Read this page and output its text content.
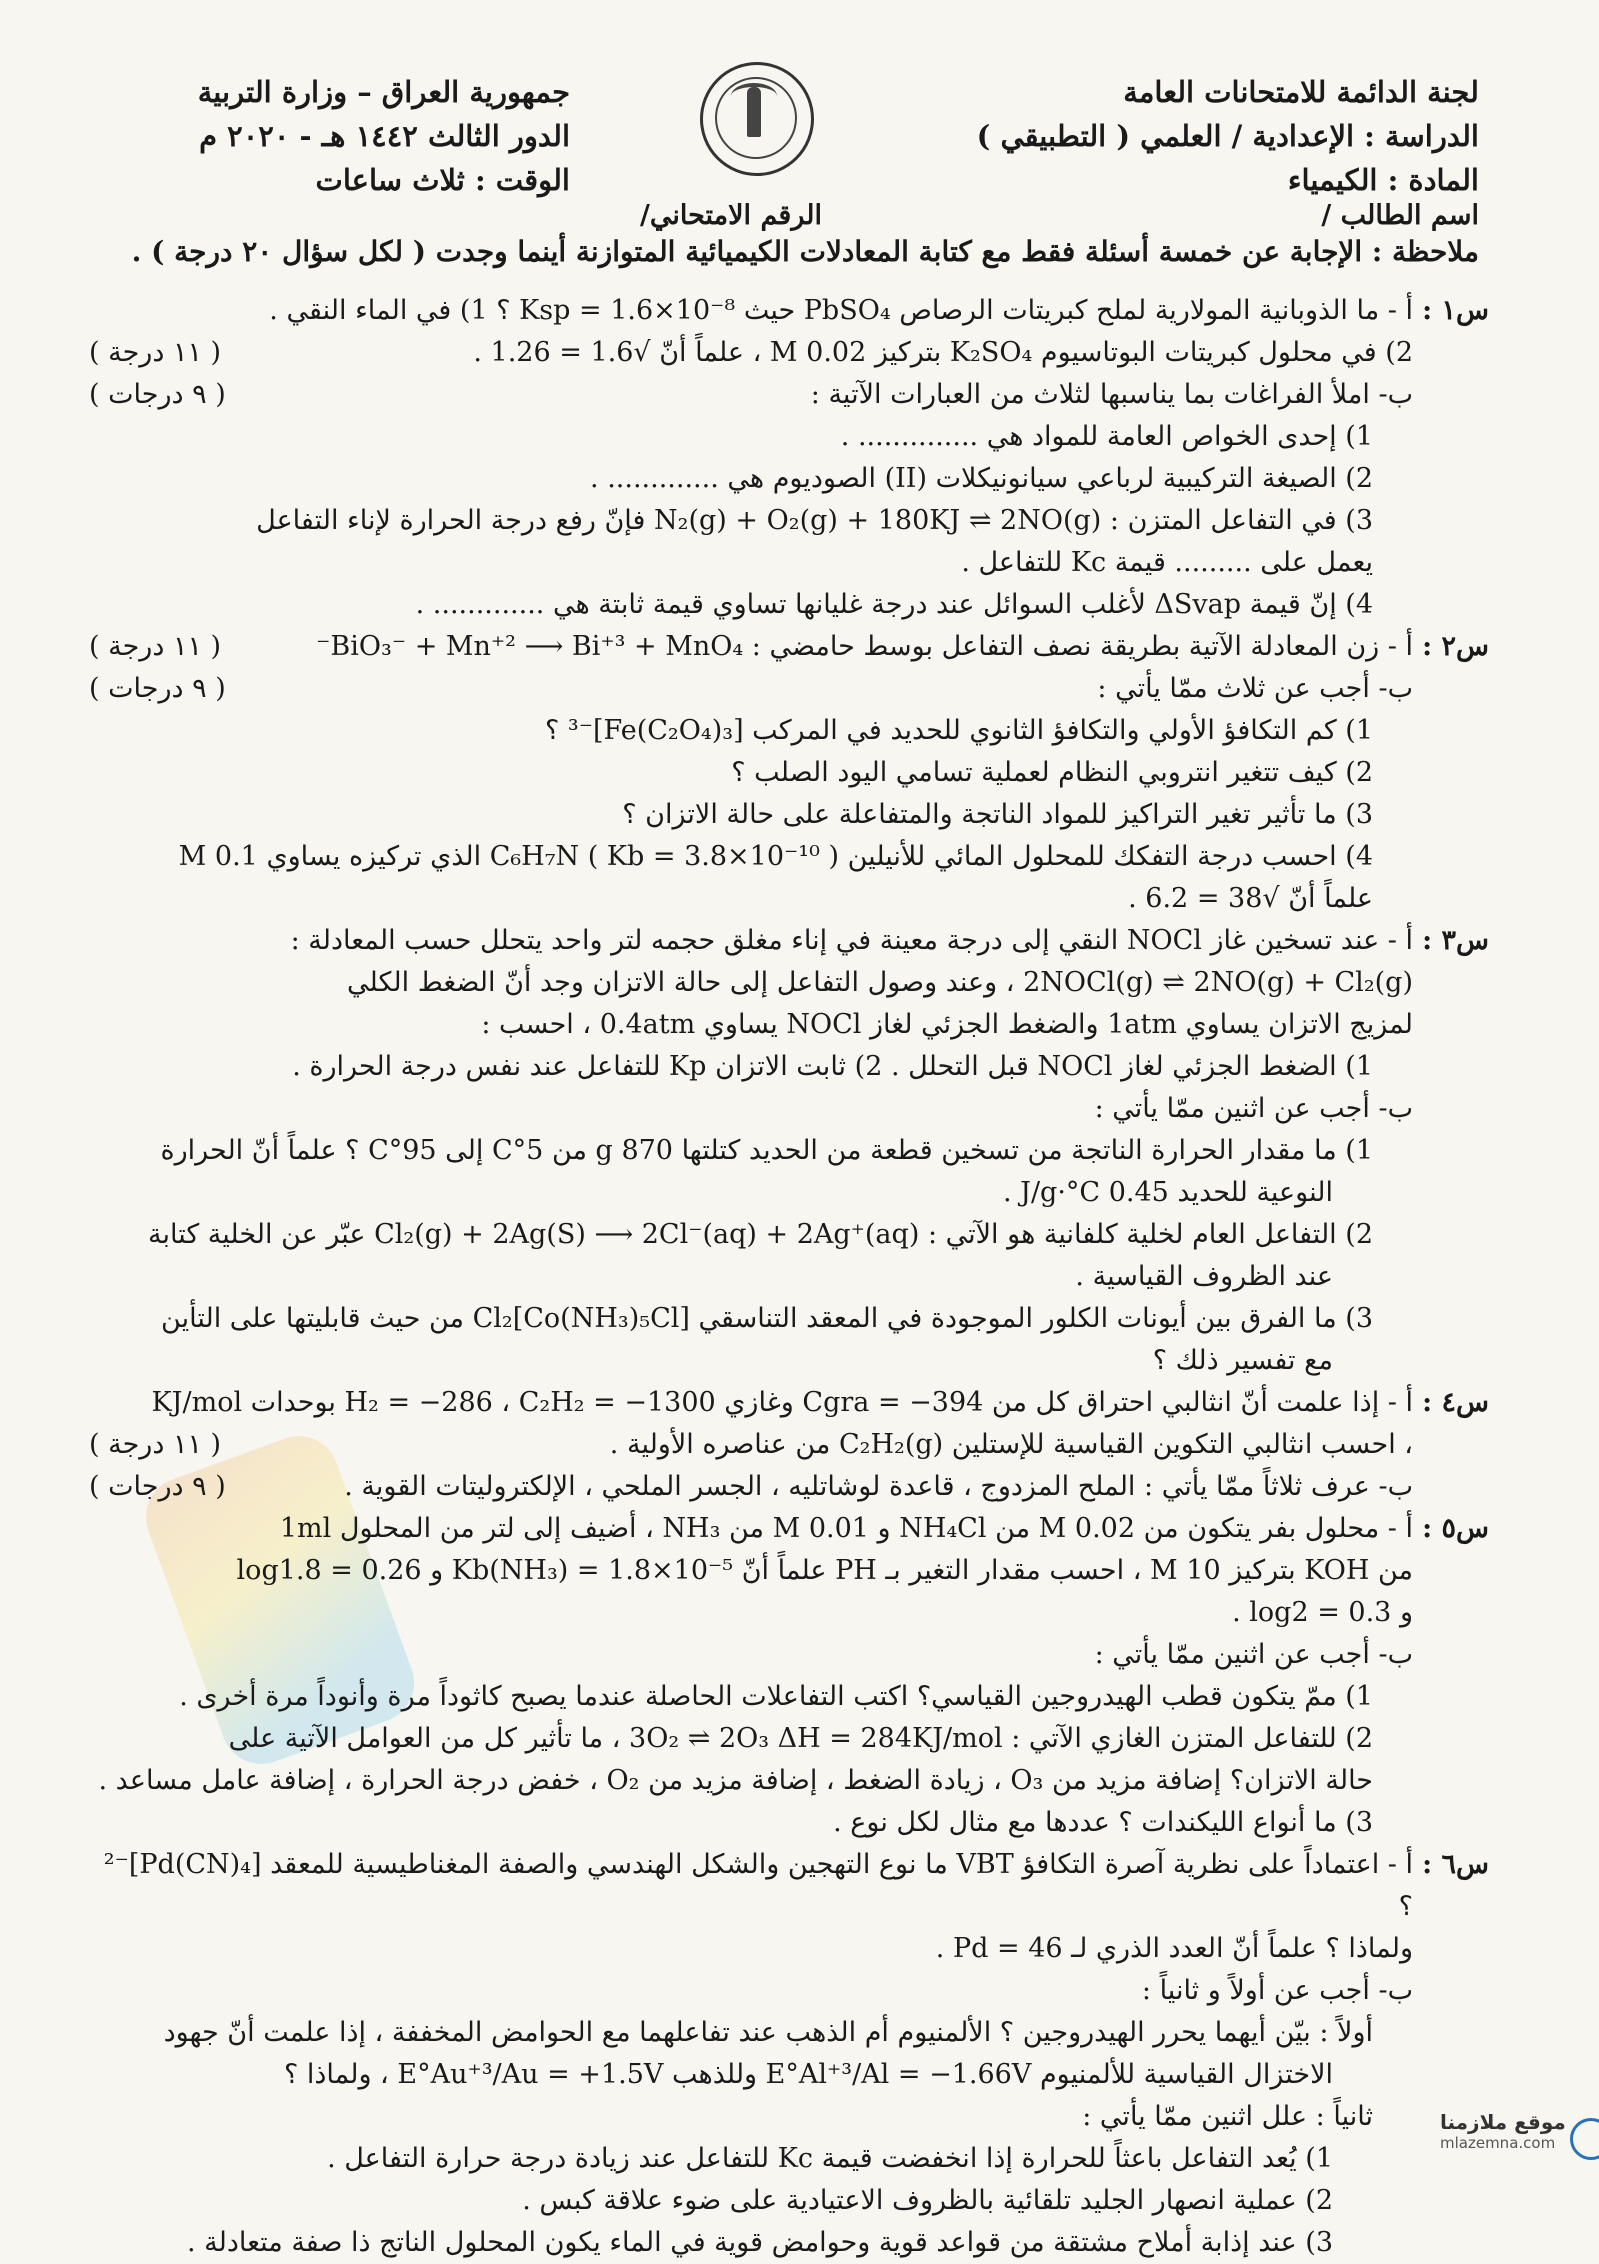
لجنة الدائمة للامتحانات العامة
الدراسة : الإعدادية / العلمي ( التطبيقي )
المادة : الكيمياء
جمهورية العراق – وزارة التربية
الدور الثالث ١٤٤٢ هـ - ٢٠٢٠ م
الوقت : ثلاث ساعات
اسم الطالب /
الرقم الامتحاني/
ملاحظة : الإجابة عن خمسة أسئلة فقط مع كتابة المعادلات الكيميائية المتوازنة أينما وجدت ( لكل سؤال ٢٠ درجة ) .
س١ :
أ - ما الذوبانية المولارية لملح كبريتات الرصاص PbSO₄ حيث Ksp = 1.6×10⁻⁸ ؟ 1) في الماء النقي .
2) في محلول كبريتات البوتاسيوم K₂SO₄ بتركيز 0.02 M ، علماً أنّ √1.6 = 1.26 .
( ١١ درجة )
ب- املأ الفراغات بما يناسبها لثلاث من العبارات الآتية :
( ٩ درجات )
1) إحدى الخواص العامة للمواد هي .............. .
2) الصيغة التركيبية لرباعي سيانونيكلات (II) الصوديوم هي ............. .
3) في التفاعل المتزن : N₂(g) + O₂(g) + 180KJ ⇌ 2NO(g) فإنّ رفع درجة الحرارة لإناء التفاعل
يعمل على ......... قيمة Kc للتفاعل .
4) إنّ قيمة ΔSvap لأغلب السوائل عند درجة غليانها تساوي قيمة ثابتة هي ............. .
س٢ :
أ - زن المعادلة الآتية بطريقة نصف التفاعل بوسط حامضي : BiO₃⁻ + Mn⁺² ⟶ Bi⁺³ + MnO₄⁻
( ١١ درجة )
ب- أجب عن ثلاث ممّا يأتي :
( ٩ درجات )
1) كم التكافؤ الأولي والتكافؤ الثانوي للحديد في المركب [Fe(C₂O₄)₃]⁻³ ؟
2) كيف تتغير انتروبي النظام لعملية تسامي اليود الصلب ؟
3) ما تأثير تغير التراكيز للمواد الناتجة والمتفاعلة على حالة الاتزان ؟
4) احسب درجة التفكك للمحلول المائي للأنيلين C₆H₇N ( Kb = 3.8×10⁻¹⁰ ) الذي تركيزه يساوي 0.1 M
علماً أنّ √38 = 6.2 .
س٣ :
أ - عند تسخين غاز NOCl النقي إلى درجة معينة في إناء مغلق حجمه لتر واحد يتحلل حسب المعادلة :
2NOCl(g) ⇌ 2NO(g) + Cl₂(g) ، وعند وصول التفاعل إلى حالة الاتزان وجد أنّ الضغط الكلي
لمزيج الاتزان يساوي 1atm والضغط الجزئي لغاز NOCl يساوي 0.4atm ، احسب :
1) الضغط الجزئي لغاز NOCl قبل التحلل . 2) ثابت الاتزان Kp للتفاعل عند نفس درجة الحرارة .
ب- أجب عن اثنين ممّا يأتي :
1) ما مقدار الحرارة الناتجة من تسخين قطعة من الحديد كتلتها 870 g من 5°C إلى 95°C ؟ علماً أنّ الحرارة
النوعية للحديد 0.45 J/g·°C .
2) التفاعل العام لخلية كلفانية هو الآتي : Cl₂(g) + 2Ag(S) ⟶ 2Cl⁻(aq) + 2Ag⁺(aq) عبّر عن الخلية كتابة
عند الظروف القياسية .
3) ما الفرق بين أيونات الكلور الموجودة في المعقد التناسقي [Co(NH₃)₅Cl]Cl₂ من حيث قابليتها على التأين
مع تفسير ذلك ؟
س٤ :
أ - إذا علمت أنّ انثالبي احتراق كل من Cgra = −394 وغازي H₂ = −286 ، C₂H₂ = −1300 بوحدات KJ/mol
، احسب انثالبي التكوين القياسية للإستلين C₂H₂(g) من عناصره الأولية .
( ١١ درجة )
ب- عرف ثلاثاً ممّا يأتي : الملح المزدوج ، قاعدة لوشاتليه ، الجسر الملحي ، الإلكتروليتات القوية .
( ٩ درجات )
س٥ :
أ - محلول بفر يتكون من 0.02 M من NH₄Cl و 0.01 M من NH₃ ، أضيف إلى لتر من المحلول 1ml
من KOH بتركيز 10 M ، احسب مقدار التغير بـ PH علماً أنّ Kb(NH₃) = 1.8×10⁻⁵ و log1.8 = 0.26
و log2 = 0.3 .
ب- أجب عن اثنين ممّا يأتي :
1) ممّ يتكون قطب الهيدروجين القياسي؟ اكتب التفاعلات الحاصلة عندما يصبح كاثوداً مرة وأنوداً مرة أخرى .
2) للتفاعل المتزن الغازي الآتي : 3O₂ ⇌ 2O₃ ΔH = 284KJ/mol ، ما تأثير كل من العوامل الآتية على
حالة الاتزان؟ إضافة مزيد من O₃ ، زيادة الضغط ، إضافة مزيد من O₂ ، خفض درجة الحرارة ، إضافة عامل مساعد .
3) ما أنواع الليكندات ؟ عددها مع مثال لكل نوع .
س٦ :
أ - اعتماداً على نظرية آصرة التكافؤ VBT ما نوع التهجين والشكل الهندسي والصفة المغناطيسية للمعقد [Pd(CN)₄]⁻² ؟
ولماذا ؟ علماً أنّ العدد الذري لـ Pd = 46 .
ب- أجب عن أولاً و ثانياً :
أولاً : بيّن أيهما يحرر الهيدروجين ؟ الألمنيوم أم الذهب عند تفاعلهما مع الحوامض المخففة ، إذا علمت أنّ جهود
الاختزال القياسية للألمنيوم E°Al⁺³/Al = −1.66V وللذهب E°Au⁺³/Au = +1.5V ، ولماذا ؟
ثانياً : علل اثنين ممّا يأتي :
1) يُعد التفاعل باعثاً للحرارة إذا انخفضت قيمة Kc للتفاعل عند زيادة درجة حرارة التفاعل .
2) عملية انصهار الجليد تلقائية بالظروف الاعتيادية على ضوء علاقة كبس .
3) عند إذابة أملاح مشتقة من قواعد قوية وحوامض قوية في الماء يكون المحلول الناتج ذا صفة متعادلة .
موقع ملازمنا
mlazemna.com
